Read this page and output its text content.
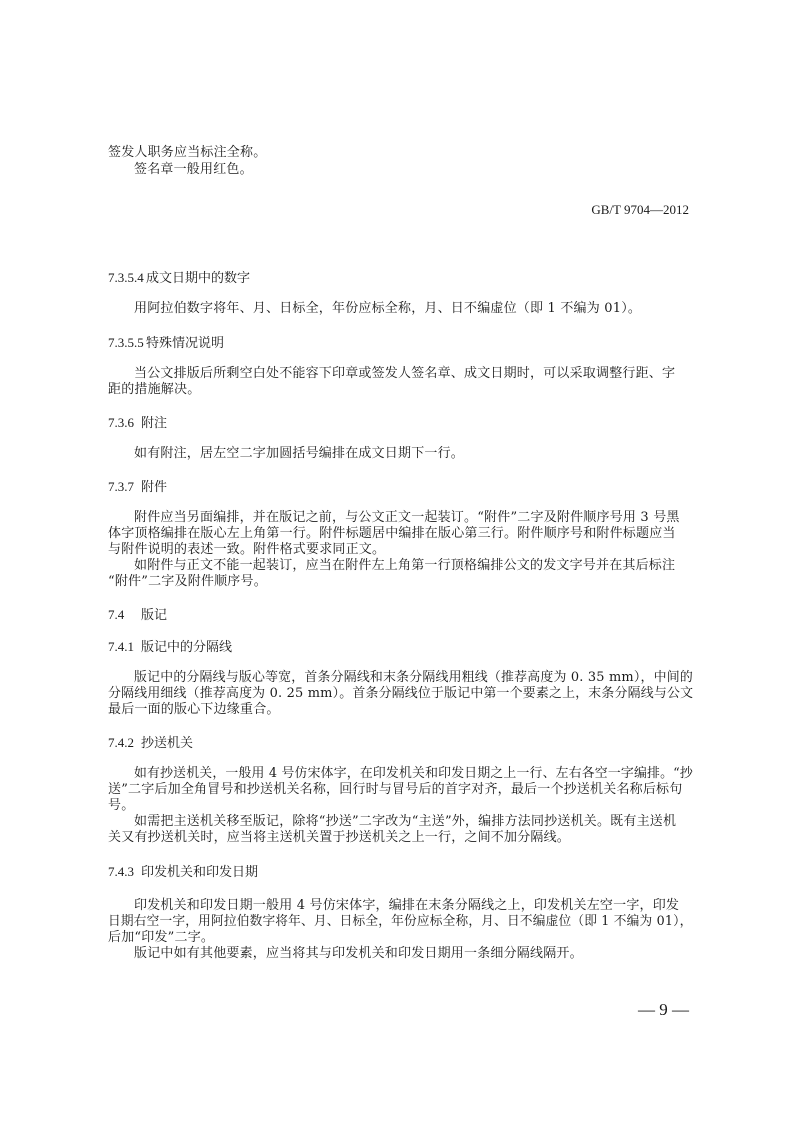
签发人职务应当标注全称。
签名章一般用红色。
GB/T 9704—2012
7.3.5.4 成文日期中的数字
用阿拉伯数字将年、月、日标全，年份应标全称，月、日不编虚位（即 1 不编为 01）。
7.3.5.5 特殊情况说明
当公文排版后所剩空白处不能容下印章或签发人签名章、成文日期时，可以采取调整行距、字
距的措施解决。
7.3.6 附注
如有附注，居左空二字加圆括号编排在成文日期下一行。
7.3.7 附件
附件应当另面编排，并在版记之前，与公文正文一起装订。“附件”二字及附件顺序号用 3 号黑
体字顶格编排在版心左上角第一行。附件标题居中编排在版心第三行。附件顺序号和附件标题应当
与附件说明的表述一致。附件格式要求同正文。
如附件与正文不能一起装订，应当在附件左上角第一行顶格编排公文的发文字号并在其后标注
“附件”二字及附件顺序号。
7.4 版记
7.4.1 版记中的分隔线
版记中的分隔线与版心等宽，首条分隔线和末条分隔线用粗线（推荐高度为 0. 35 mm），中间的
分隔线用细线（推荐高度为 0. 25 mm）。首条分隔线位于版记中第一个要素之上，末条分隔线与公文
最后一面的版心下边缘重合。
7.4.2 抄送机关
如有抄送机关，一般用 4 号仿宋体字，在印发机关和印发日期之上一行、左右各空一字编排。“抄
送”二字后加全角冒号和抄送机关名称，回行时与冒号后的首字对齐，最后一个抄送机关名称后标句
号。
如需把主送机关移至版记，除将“抄送”二字改为“主送”外，编排方法同抄送机关。既有主送机
关又有抄送机关时，应当将主送机关置于抄送机关之上一行，之间不加分隔线。
7.4.3 印发机关和印发日期
印发机关和印发日期一般用 4 号仿宋体字，编排在末条分隔线之上，印发机关左空一字，印发
日期右空一字，用阿拉伯数字将年、月、日标全，年份应标全称，月、日不编虚位（即 1 不编为 01），
后加“印发”二字。
版记中如有其他要素，应当将其与印发机关和印发日期用一条细分隔线隔开。
— 9 —
